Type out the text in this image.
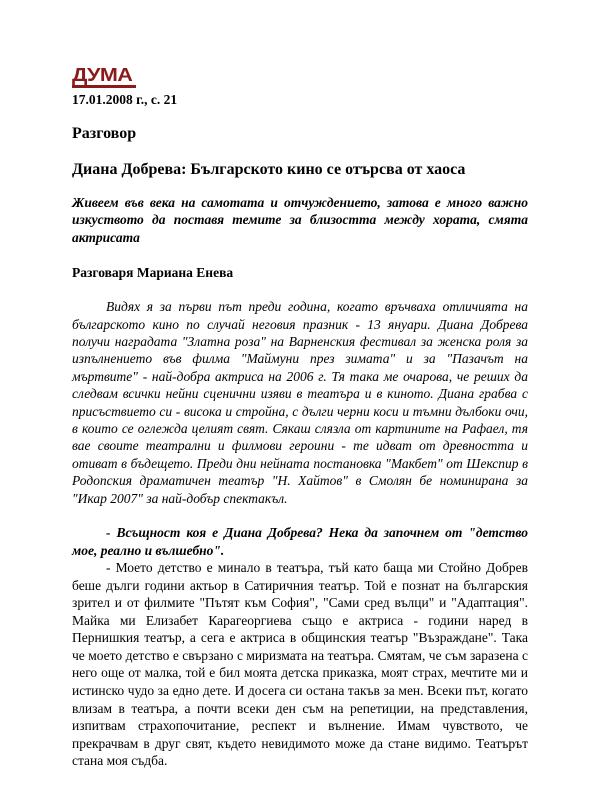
ДУМА
17.01.2008 г., с. 21
Разговор
Диана Добрева: Българското кино се отърсва от хаоса
Живеем във века на самотата и отчуждението, затова е много важно изкуството да поставя темите за близостта между хората, смята актрисата
Разговаря Мариана Енева
Видях я за първи път преди година, когато връчваха отличията на българското кино по случай неговия празник - 13 януари. Диана Добрева получи наградата "Златна роза" на Варненския фестивал за женска роля за изпълнението във филма "Маймуни през зимата" и за "Пазачът на мъртвите" - най-добра актриса на 2006 г. Тя така ме очарова, че реших да следвам всички нейни сценични изяви в театъра и в киното. Диана грабва с присъствието си - висока и стройна, с дълги черни коси и тъмни дълбоки очи, в които се оглежда целият свят. Сякаш слязла от картините на Рафаел, тя вае своите театрални и филмови героини - те идват от древността и отиват в бъдещето. Преди дни нейната постановка "Макбет" от Шекспир в Родопския драматичен театър "Н. Хайтов" в Смолян бе номинирана за "Икар 2007" за най-добър спектакъл.
- Всъщност коя е Диана Добрева? Нека да започнем от "детство мое, реално и вълшебно".
- Моето детство е минало в театъра, тъй като баща ми Стойно Добрев беше дълги години актьор в Сатиричния театър. Той е познат на българския зрител и от филмите "Пътят към София", "Сами сред вълци" и "Адаптация". Майка ми Елизабет Карагеоргиева също е актриса - години наред в Пернишкия театър, а сега е актриса в общинския театър "Възраждане". Така че моето детство е свързано с миризмата на театъра. Смятам, че съм заразена с него още от малка, той е бил моята детска приказка, моят страх, мечтите ми и истинско чудо за едно дете. И досега си остана такъв за мен. Всеки път, когато влизам в театъра, а почти всеки ден съм на репетиции, на представления, изпитвам страхопочитание, респект и вълнение. Имам чувството, че прекрачвам в друг свят, където невидимото може да стане видимо. Театърът стана моя съдба.
